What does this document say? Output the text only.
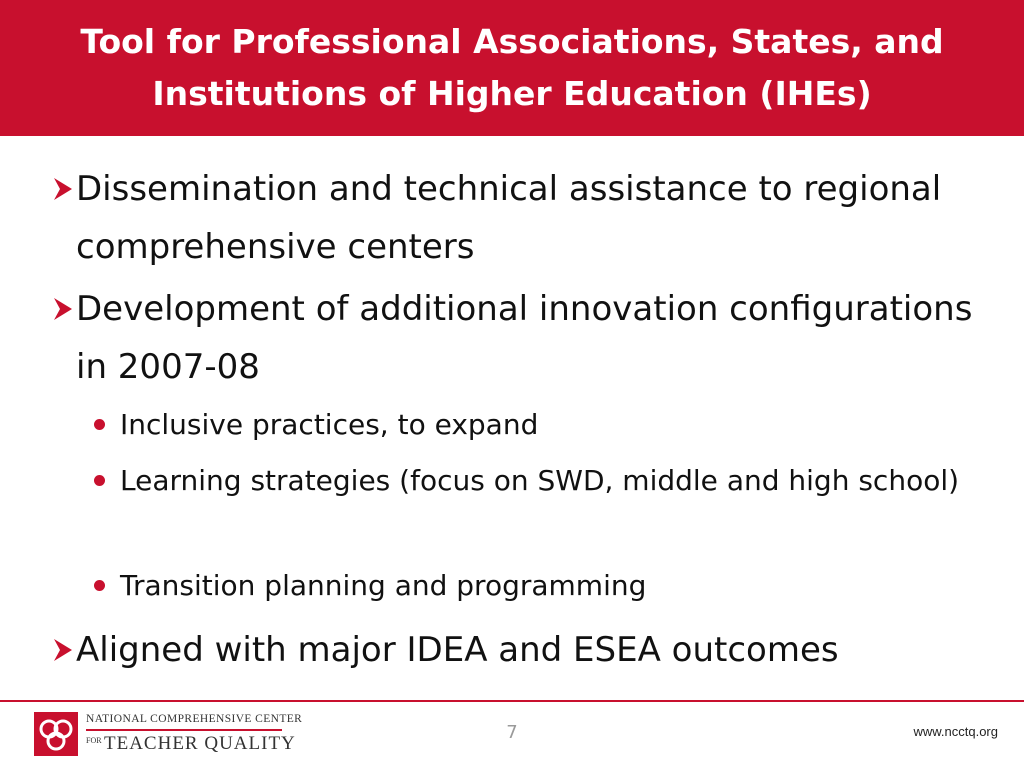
Tool for Professional Associations, States, and Institutions of Higher Education (IHEs)
Dissemination and technical assistance to regional comprehensive centers
Development of additional innovation configurations in 2007-08
Inclusive practices, to expand
Learning strategies (focus on SWD, middle and high school)
Transition planning and programming
Aligned with major IDEA and ESEA outcomes
NATIONAL COMPREHENSIVE CENTER
FOR TEACHER QUALITY
7	www.ncctq.org
